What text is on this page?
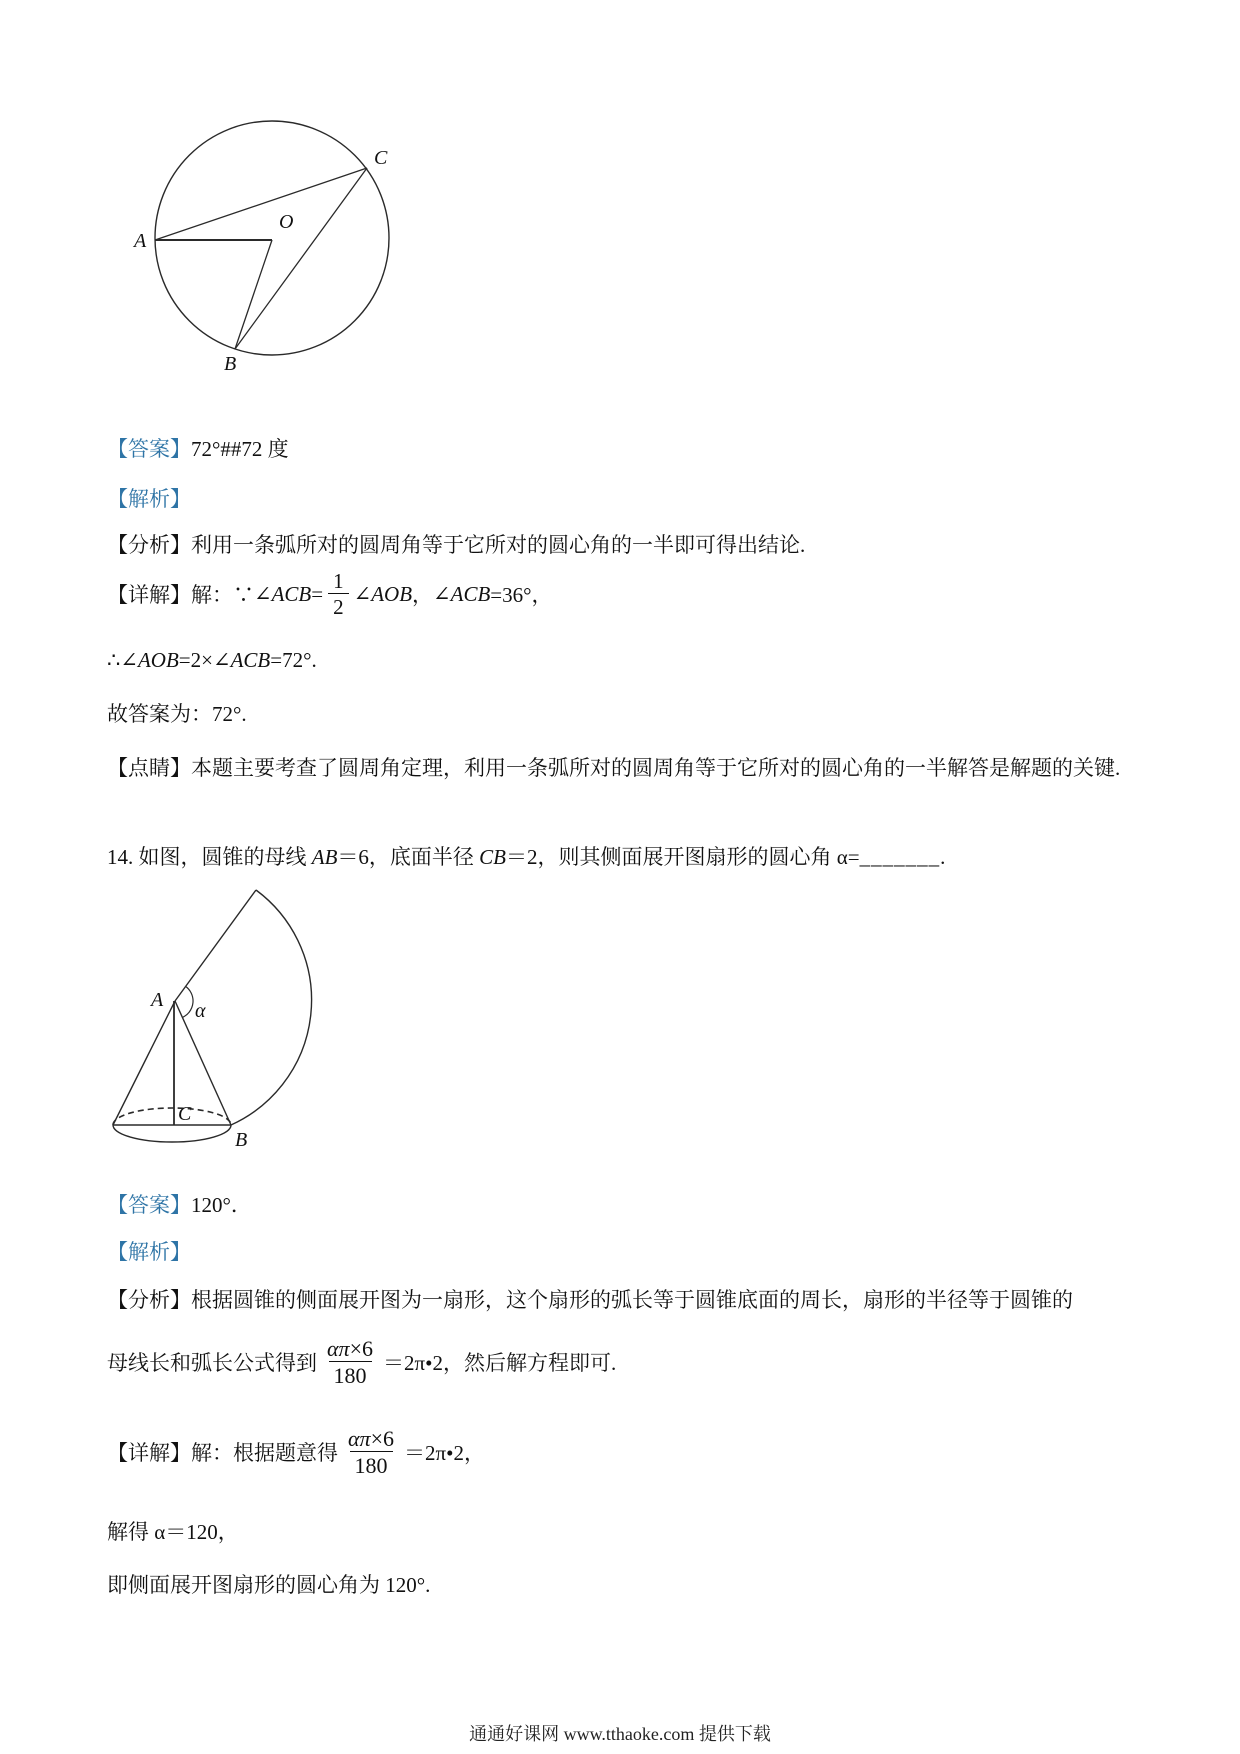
A
C
O
B
【答案】72°##72 度
【解析】
【分析】利用一条弧所对的圆周角等于它所对的圆心角的一半即可得出结论.
【详解】 解：∵ ∠ACB = $\frac{1}{2}$ ∠AOB ， ∠ACB =36°，
∴∠AOB=2×∠ACB=72°.
故答案为：72°.
【点睛】本题主要考查了圆周角定理，利用一条弧所对的圆周角等于它所对的圆心角的一半解答是解题的关键.
14. 如图，圆锥的母线 AB＝6，底面半径 CB＝2，则其侧面展开图扇形的圆心角 α=_______.
A α
C
B
【答案】120°．
【解析】
【分析】根据圆锥的侧面展开图为一扇形，这个扇形的弧长等于圆锥底面的周长，扇形的半径等于圆锥的
母线长和弧长公式得到 $\frac{\alpha\pi\times 6}{180}$ ＝2π•2，然后解方程即可.
【详解】 解：根据题意得 $\frac{\alpha\pi\times 6}{180}$ ＝2π•2，
解得 α＝120，
即侧面展开图扇形的圆心角为 120°.
通通好课网 www.tthaoke.com 提供下载
